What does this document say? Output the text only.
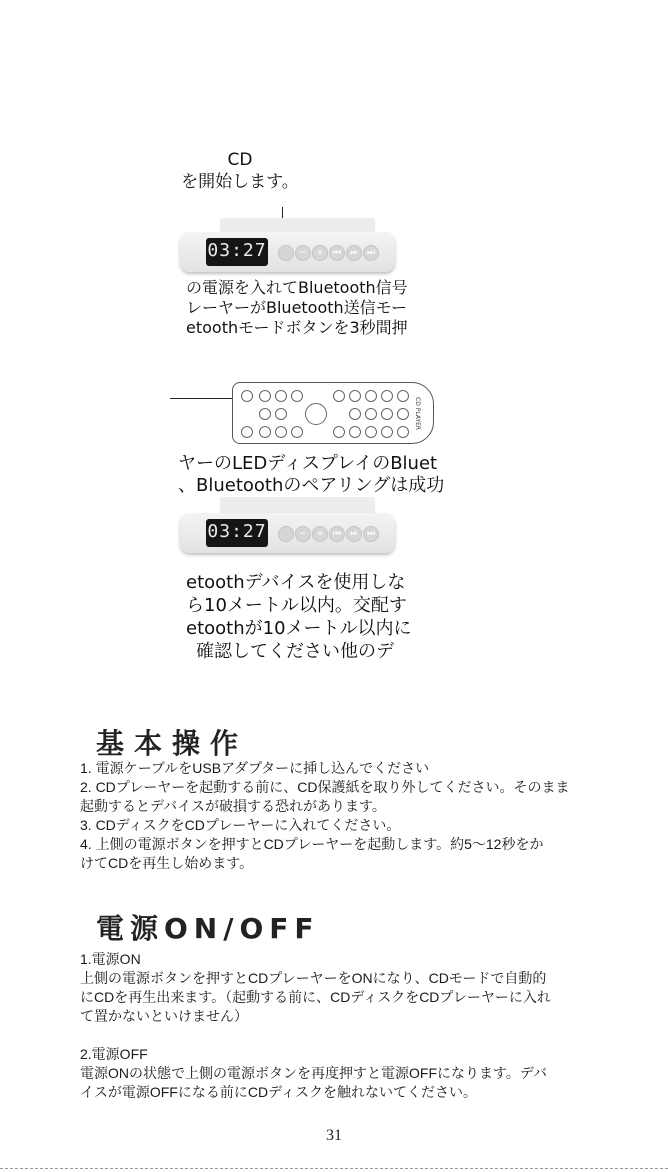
CD
を開始します。
03:27	−	+	⏮	⏯	⏭
の電源を入れてBluetooth信号
レーヤーがBluetooth送信モー
etoothモードボタンを3秒間押
CD PLAYER
ヤーのLEDディスプレイのBluet
、Bluetoothのペアリングは成功
03:27	−	+	⏮	⏯	⏭
etoothデバイスを使用しな
ら10メートル以内。交配す
etoothが10メートル以内に
確認してください他のデ
基本操作
1. 電源ケーブルをUSBアダプターに挿し込んでください
2. CDプレーヤーを起動する前に、CD保護紙を取り外してください。そのまま
起動するとデバイスが破損する恐れがあります。
3. CDディスクをCDプレーヤーに入れてください。
4. 上側の電源ボタンを押すとCDプレーヤーを起動します。約5～12秒をか
けてCDを再生し始めます。
電源ON/OFF
1.電源ON
上側の電源ボタンを押すとCDプレーヤーをONになり、CDモードで自動的
にCDを再生出来ます。（起動する前に、CDディスクをCDプレーヤーに入れ
て置かないといけません）
2.電源OFF
電源ONの状態で上側の電源ボタンを再度押すと電源OFFになります。デバ
イスが電源OFFになる前にCDディスクを触れないてください。
31
